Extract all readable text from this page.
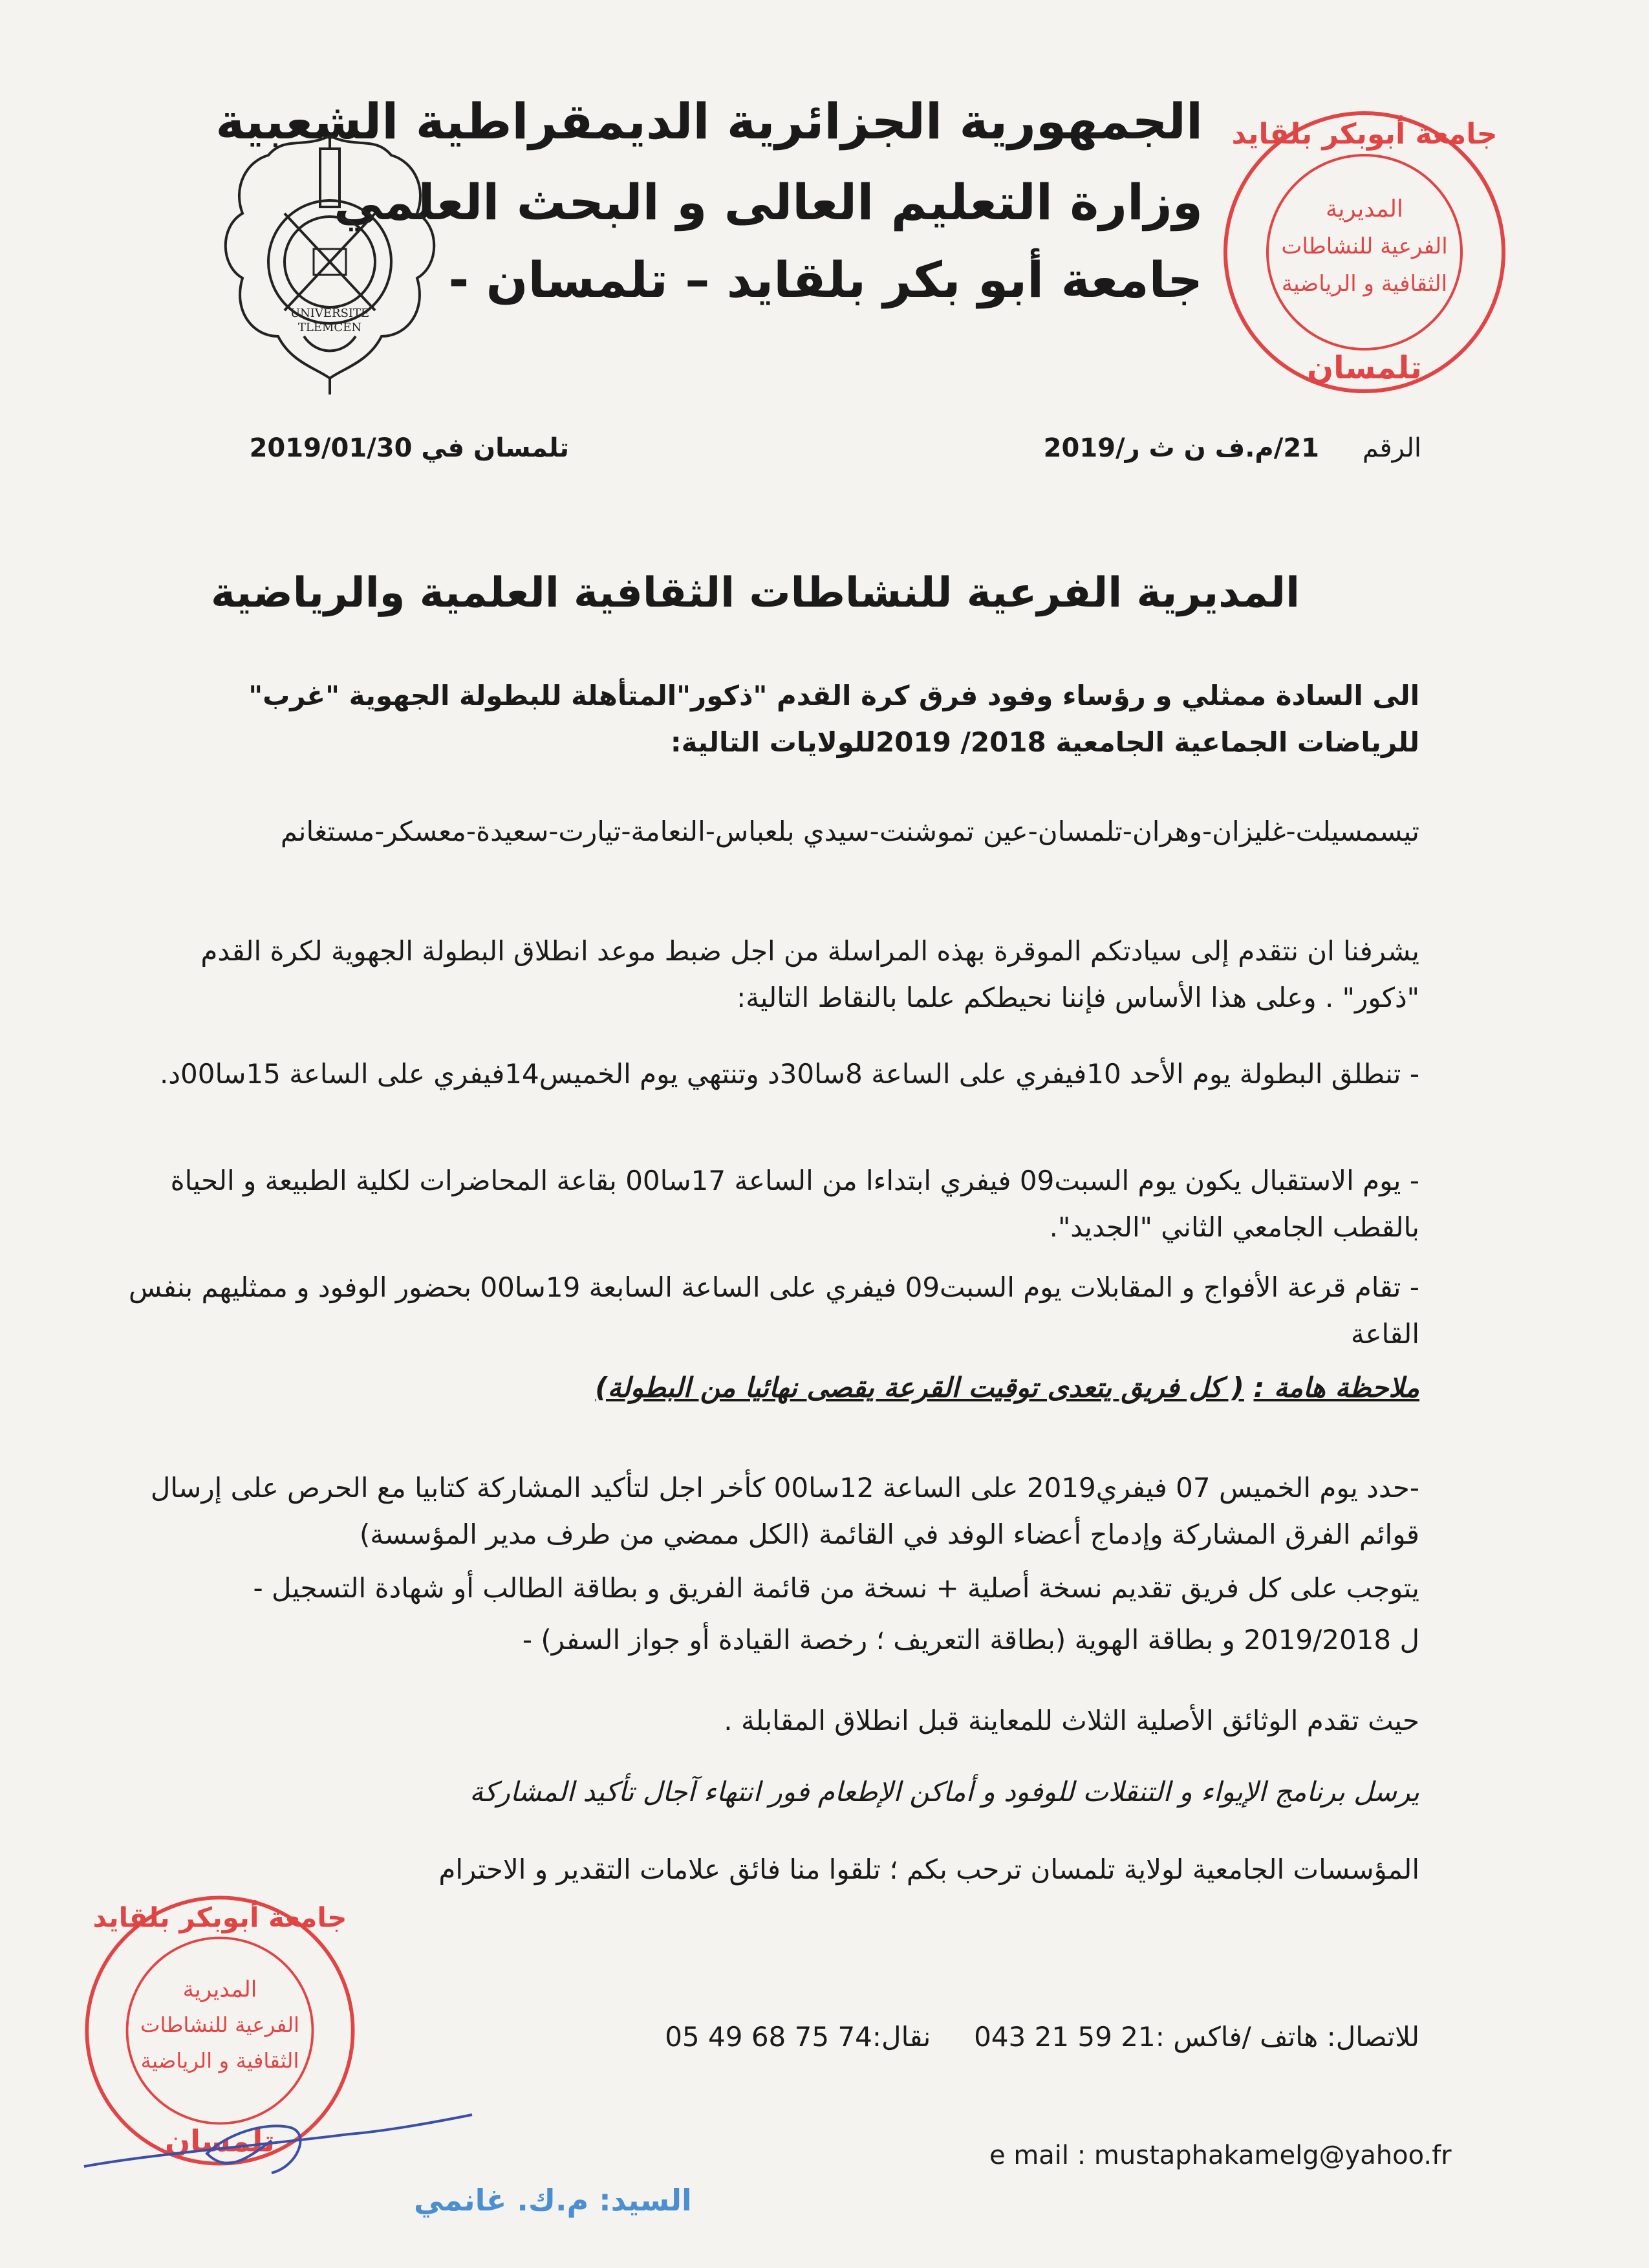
الجمهورية الجزائرية الديمقراطية الشعبية
وزارة التعليم العالى و البحث العلمي
جامعة أبو بكر بلقايد – تلمسان -
UNIVERSITE
TLEMCEN
جامعة أبوبكر بلقايد
المديرية
الفرعية للنشاطات
الثقافية و الرياضية
تلمسان
الرقم
21/م.ف ن ث ر/2019
تلمسان في 2019/01/30
المديرية الفرعية للنشاطات الثقافية العلمية والرياضية
الى السادة ممثلي و رؤساء وفود فرق كرة القدم "ذكور"المتأهلة للبطولة الجهوية "غرب" للرياضات الجماعية الجامعية 2018/ 2019للولايات التالية:
تيسمسيلت-غليزان-وهران-تلمسان-عين تموشنت-سيدي بلعباس-النعامة-تيارت-سعيدة-معسكر-مستغانم
يشرفنا ان نتقدم إلى سيادتكم الموقرة بهذه المراسلة من اجل ضبط موعد انطلاق البطولة الجهوية لكرة القدم "ذكور" . وعلى هذا الأساس فإننا نحيطكم علما بالنقاط التالية:
- تنطلق البطولة يوم الأحد 10فيفري على الساعة 8سا30د وتنتهي يوم الخميس14فيفري على الساعة 15سا00د.
- يوم الاستقبال يكون يوم السبت09 فيفري ابتداءا من الساعة 17سا00 بقاعة المحاضرات لكلية الطبيعة و الحياة بالقطب الجامعي الثاني "الجديد".
- تقام قرعة الأفواج و المقابلات يوم السبت09 فيفري على الساعة السابعة 19سا00 بحضور الوفود و ممثليهم بنفس القاعة
ملاحظة هامة : ( كل فريق يتعدى توقيت القرعة يقصى نهائيا من البطولة)
-حدد يوم الخميس 07 فيفري2019 على الساعة 12سا00 كأخر اجل لتأكيد المشاركة كتابيا مع الحرص على إرسال قوائم الفرق المشاركة وإدماج أعضاء الوفد في القائمة (الكل ممضي من طرف مدير المؤسسة)
يتوجب على كل فريق تقديم نسخة أصلية + نسخة من قائمة الفريق و بطاقة الطالب أو شهادة التسجيل -
ل 2019/2018 و بطاقة الهوية (بطاقة التعريف ؛ رخصة القيادة أو جواز السفر) -
حيث تقدم الوثائق الأصلية الثلاث للمعاينة قبل انطلاق المقابلة .
يرسل برنامج الإيواء و التنقلات للوفود و أماكن الإطعام فور انتهاء آجال تأكيد المشاركة
المؤسسات الجامعية لولاية تلمسان ترحب بكم ؛ تلقوا منا فائق علامات التقدير و الاحترام
للاتصال: هاتف /فاكس :21 59 21 043     نقال:74 75 68 49 05
جامعة أبوبكر بلقايد
المديرية
الفرعية للنشاطات
الثقافية و الرياضية
تلمسان	e mail : mustaphakamelg@yahoo.fr
السيد: م.ك. غانمي
